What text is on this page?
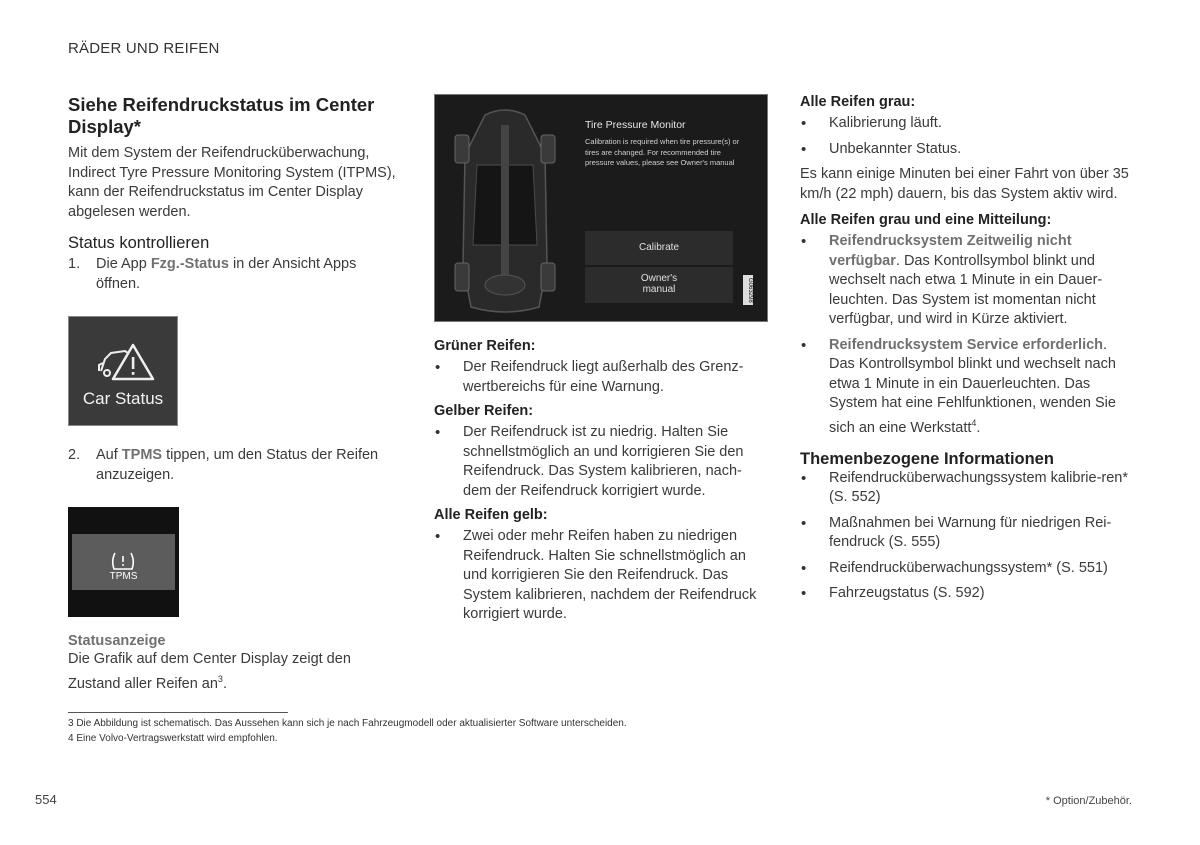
RÄDER UND REIFEN
Siehe Reifendruckstatus im Center Display*

Mit dem System der Reifendrucküberwachung, Indirect Tyre Pressure Monitoring System (ITPMS), kann der Reifendruckstatus im Center Display abgelesen werden.

Status kontrollieren
1.	Die App Fzg.-Status in der Ansicht Apps öffnen.
Car Status
2.	Auf TPMS tippen, um den Status der Reifen anzuzeigen.
TPMS
Statusanzeige

Die Grafik auf dem Center Display zeigt den Zustand aller Reifen $an^3$.

Tire Pressure Monitor
Calibration is required when tire pressure(s) or tires are changed. For recommended tire pressure values, please see Owner's manual
Calibrate
Owner's
manual	G063298
Grüner Reifen:
• Der Reifendruck liegt außerhalb des Grenz-wertbereichs für eine Warnung.
Gelber Reifen:
• Der Reifendruck ist zu niedrig. Halten Sie schnellstmöglich an und korrigieren Sie den Reifendruck. Das System kalibrieren, nach-dem der Reifendruck korrigiert wurde.
Alle Reifen gelb:
• Zwei oder mehr Reifen haben zu niedrigen Reifendruck. Halten Sie schnellstmöglich an und korrigieren Sie den Reifendruck. Das System kalibrieren, nachdem der Reifendruck korrigiert wurde.
Alle Reifen grau:
• Kalibrierung läuft.
• Unbekannter Status.

Es kann einige Minuten bei einer Fahrt von über 35 km/h (22 mph) dauern, bis das System aktiv wird.

Alle Reifen grau und eine Mitteilung:
• Reifendrucksystem Zeitweilig nicht verfügbar. Das Kontrollsymbol blinkt und wechselt nach etwa 1 Minute in ein Dauer-leuchten. Das System ist momentan nicht verfügbar, und wird in Kürze aktiviert.
• Reifendrucksystem Service erforderlich. Das Kontrollsymbol blinkt und wechselt nach etwa 1 Minute in ein Dauerleuchten. Das System hat eine Fehlfunktionen, wenden Sie sich an eine Werkstatt$^4$.
Themenbezogene Informationen
• Reifendrucküberwachungssystem kalibrie-ren* (S. 552)
• Maßnahmen bei Warnung für niedrigen Rei-fendruck (S. 555)
• Reifendrucküberwachungssystem* (S. 551)
• Fahrzeugstatus (S. 592)
3 Die Abbildung ist schematisch. Das Aussehen kann sich je nach Fahrzeugmodell oder aktualisierter Software unterscheiden.
4 Eine Volvo-Vertragswerkstatt wird empfohlen.
554	* Option/Zubehör.
